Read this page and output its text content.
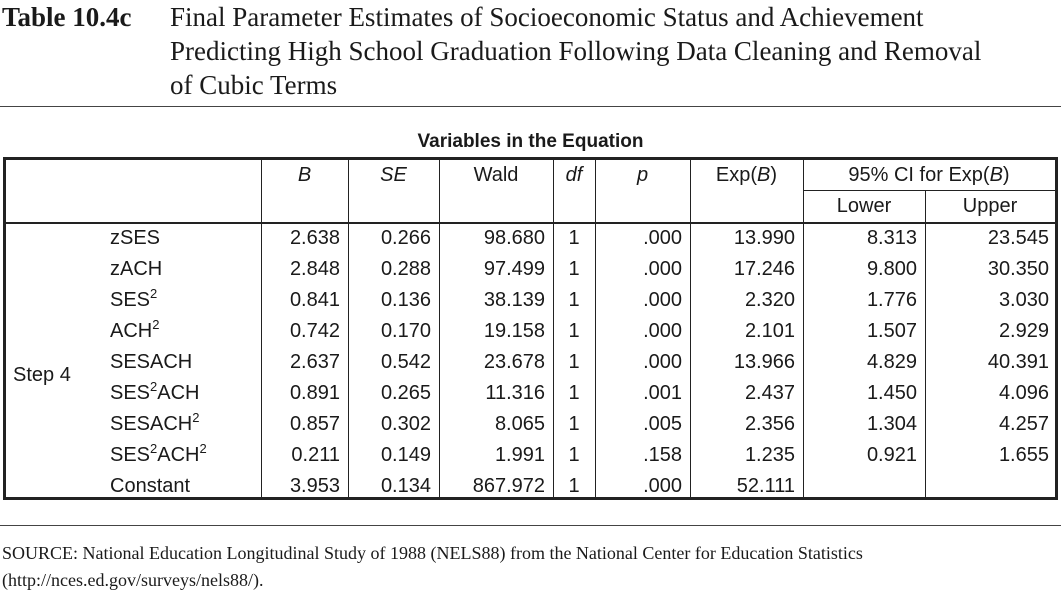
Table 10.4c Final Parameter Estimates of Socioeconomic Status and Achievement
Predicting High School Graduation Following Data Cleaning and Removal
of Cubic Terms
Variables in the Equation
B	SE	Wald	df	p	Exp(B)	95% CI for Exp(B)
Lower	Upper
Step 4
zSES	2.638	0.266	98.680	1	.000	13.990	8.313	23.545
zACH	2.848	0.288	97.499	1	.000	17.246	9.800	30.350
SES$^2$	0.841	0.136	38.139	1	.000	2.320	1.776	3.030
ACH$^2$	0.742	0.170	19.158	1	.000	2.101	1.507	2.929
SESACH	2.637	0.542	23.678	1	.000	13.966	4.829	40.391
SES$^2$ACH	0.891	0.265	11.316	1	.001	2.437	1.450	4.096
SESACH$^2$	0.857	0.302	8.065	1	.005	2.356	1.304	4.257
SES$^2$ACH$^2$	0.211	0.149	1.991	1	.158	1.235	0.921	1.655
Constant	3.953	0.134	867.972	1	.000	52.111
SOURCE: National Education Longitudinal Study of 1988 (NELS88) from the National Center for Education Statistics (http://nces.ed.gov/surveys/nels88/).
